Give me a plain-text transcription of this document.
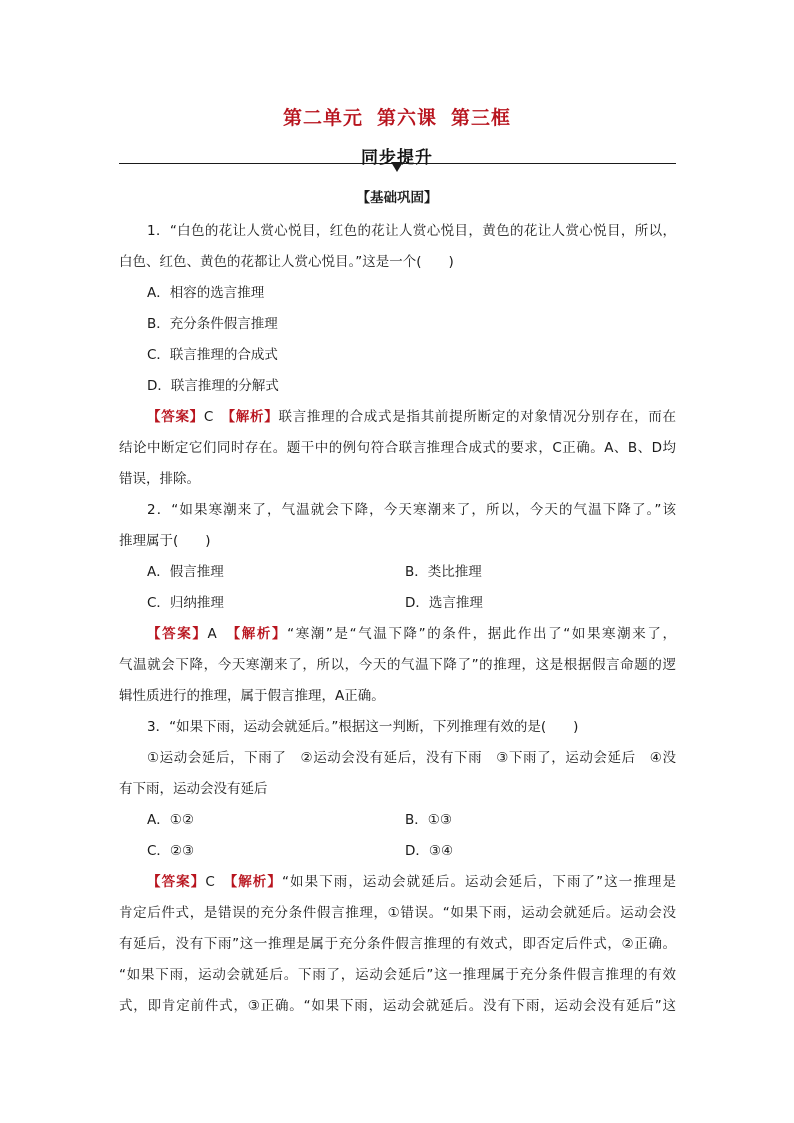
第二单元 第六课 第三框
同步提升
【基础巩固】
1．“白色的花让人赏心悦目，红色的花让人赏心悦目，黄色的花让人赏心悦目，所以，
白色、红色、黄色的花都让人赏心悦目。”这是一个(　　)
A．相容的选言推理
B．充分条件假言推理
C．联言推理的合成式
D．联言推理的分解式
【答案】C　 【解析】联言推理的合成式是指其前提所断定的对象情况分别存在，而在
结论中断定它们同时存在。题干中的例句符合联言推理合成式的要求，C正确。A、B、D均
错误，排除。
2．“如果寒潮来了，气温就会下降，今天寒潮来了，所以，今天的气温下降了。”该
推理属于(　　)
A．假言推理	B．类比推理
C．归纳推理	D．选言推理
【答案】A　 【解析】“寒潮”是“气温下降”的条件，据此作出了“如果寒潮来了，
气温就会下降，今天寒潮来了，所以，今天的气温下降了”的推理，这是根据假言命题的逻
辑性质进行的推理，属于假言推理，A正确。
3．“如果下雨，运动会就延后。”根据这一判断，下列推理有效的是(　　)
①运动会延后，下雨了　②运动会没有延后，没有下雨　③下雨了，运动会延后　④没
有下雨，运动会没有延后
A．①②	B．①③
C．②③	D．③④
【答案】C　 【解析】“如果下雨，运动会就延后。运动会延后，下雨了”这一推理是
肯定后件式，是错误的充分条件假言推理，①错误。“如果下雨，运动会就延后。运动会没
有延后，没有下雨”这一推理是属于充分条件假言推理的有效式，即否定后件式，②正确。
“如果下雨，运动会就延后。下雨了，运动会延后”这一推理属于充分条件假言推理的有效
式，即肯定前件式，③正确。“如果下雨，运动会就延后。没有下雨，运动会没有延后”这
